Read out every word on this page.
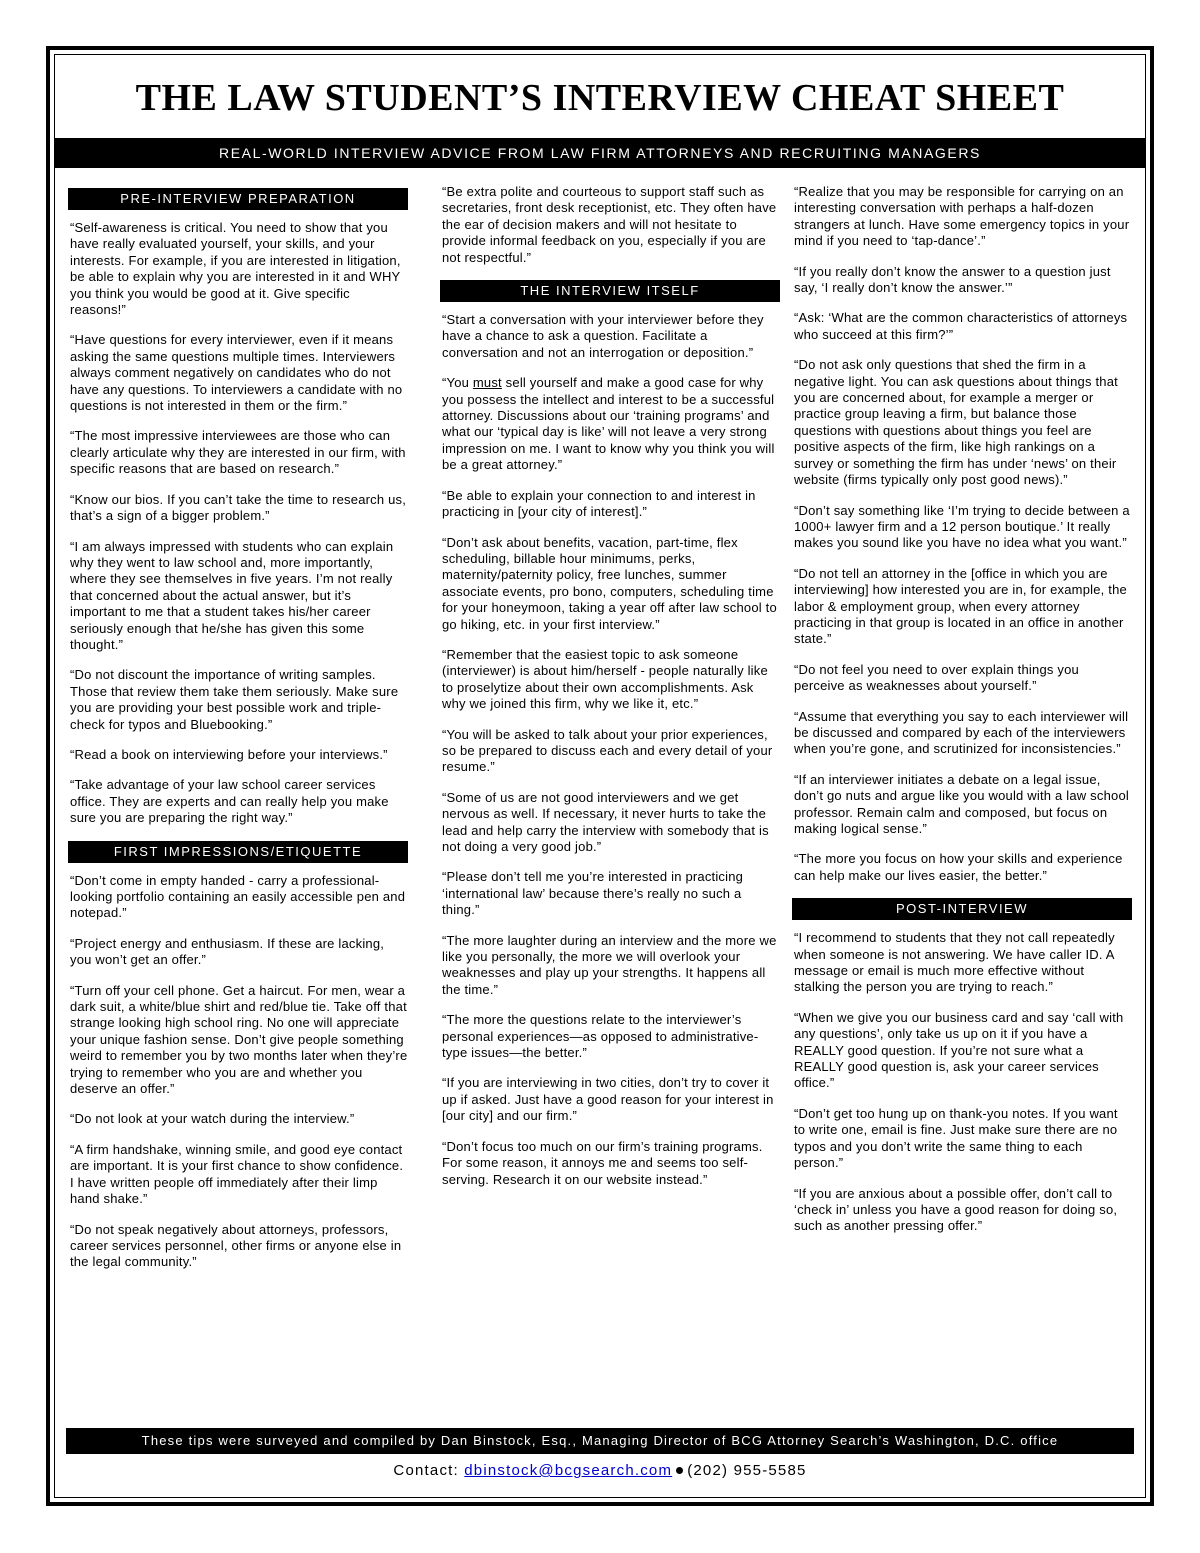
THE LAW STUDENT’S INTERVIEW CHEAT SHEET
REAL-WORLD INTERVIEW ADVICE FROM LAW FIRM ATTORNEYS AND RECRUITING MANAGERS
PRE-INTERVIEW PREPARATION

“Self-awareness is critical. You need to show that you have really evaluated yourself, your skills, and your interests. For example, if you are interested in litigation, be able to explain why you are interested in it and WHY you think you would be good at it. Give specific reasons!”

“Have questions for every interviewer, even if it means asking the same questions multiple times. Interviewers always comment negatively on candidates who do not have any questions. To interviewers a candidate with no questions is not interested in them or the firm.”

“The most impressive interviewees are those who can clearly articulate why they are interested in our firm, with specific reasons that are based on research.”

“Know our bios. If you can’t take the time to research us, that’s a sign of a bigger problem.”

“I am always impressed with students who can explain why they went to law school and, more importantly, where they see themselves in five years. I’m not really that concerned about the actual answer, but it’s important to me that a student takes his/her career seriously enough that he/she has given this some thought.”

“Do not discount the importance of writing samples. Those that review them take them seriously. Make sure you are providing your best possible work and triple-check for typos and Bluebooking.”

“Read a book on interviewing before your interviews.”

“Take advantage of your law school career services office. They are experts and can really help you make sure you are preparing the right way.”

FIRST IMPRESSIONS/ETIQUETTE

“Don’t come in empty handed - carry a professional-looking portfolio containing an easily accessible pen and notepad.”

“Project energy and enthusiasm. If these are lacking, you won’t get an offer.”

“Turn off your cell phone. Get a haircut. For men, wear a dark suit, a white/blue shirt and red/blue tie. Take off that strange looking high school ring. No one will appreciate your unique fashion sense. Don’t give people something weird to remember you by two months later when they’re trying to remember who you are and whether you deserve an offer.”

“Do not look at your watch during the interview.”

“A firm handshake, winning smile, and good eye contact are important. It is your first chance to show confidence. I have written people off immediately after their limp hand shake.”

“Do not speak negatively about attorneys, professors, career services personnel, other firms or anyone else in the legal community.”

“Be extra polite and courteous to support staff such as secretaries, front desk receptionist, etc. They often have the ear of decision makers and will not hesitate to provide informal feedback on you, especially if you are not respectful.”

THE INTERVIEW ITSELF

“Start a conversation with your interviewer before they have a chance to ask a question. Facilitate a conversation and not an interrogation or deposition.”

“You must sell yourself and make a good case for why you possess the intellect and interest to be a successful attorney. Discussions about our ‘training programs’ and what our ‘typical day is like’ will not leave a very strong impression on me. I want to know why you think you will be a great attorney.”

“Be able to explain your connection to and interest in practicing in [your city of interest].”

“Don’t ask about benefits, vacation, part-time, flex scheduling, billable hour minimums, perks, maternity/paternity policy, free lunches, summer associate events, pro bono, computers, scheduling time for your honeymoon, taking a year off after law school to go hiking, etc. in your first interview.”

“Remember that the easiest topic to ask someone (interviewer) is about him/herself - people naturally like to proselytize about their own accomplishments. Ask why we joined this firm, why we like it, etc.”

“You will be asked to talk about your prior experiences, so be prepared to discuss each and every detail of your resume.”

“Some of us are not good interviewers and we get nervous as well. If necessary, it never hurts to take the lead and help carry the interview with somebody that is not doing a very good job.”

“Please don’t tell me you’re interested in practicing ‘international law’ because there’s really no such a thing.”

“The more laughter during an interview and the more we like you personally, the more we will overlook your weaknesses and play up your strengths. It happens all the time.”

“The more the questions relate to the interviewer’s personal experiences—as opposed to administrative-type issues—the better.”

“If you are interviewing in two cities, don’t try to cover it up if asked. Just have a good reason for your interest in [our city] and our firm.”

“Don’t focus too much on our firm’s training programs. For some reason, it annoys me and seems too self-serving. Research it on our website instead.”

“Realize that you may be responsible for carrying on an interesting conversation with perhaps a half-dozen strangers at lunch. Have some emergency topics in your mind if you need to ‘tap-dance’.”

“If you really don’t know the answer to a question just say, ‘I really don’t know the answer.’”

“Ask: ‘What are the common characteristics of attorneys who succeed at this firm?’”

“Do not ask only questions that shed the firm in a negative light. You can ask questions about things that you are concerned about, for example a merger or practice group leaving a firm, but balance those questions with questions about things you feel are positive aspects of the firm, like high rankings on a survey or something the firm has under ‘news’ on their website (firms typically only post good news).”

“Don’t say something like ‘I’m trying to decide between a 1000+ lawyer firm and a 12 person boutique.’ It really makes you sound like you have no idea what you want.”

“Do not tell an attorney in the [office in which you are interviewing] how interested you are in, for example, the labor & employment group, when every attorney practicing in that group is located in an office in another state.”

“Do not feel you need to over explain things you perceive as weaknesses about yourself.”

“Assume that everything you say to each interviewer will be discussed and compared by each of the interviewers when you’re gone, and scrutinized for inconsistencies.”

“If an interviewer initiates a debate on a legal issue, don’t go nuts and argue like you would with a law school professor. Remain calm and composed, but focus on making logical sense.”

“The more you focus on how your skills and experience can help make our lives easier, the better.”

POST-INTERVIEW

“I recommend to students that they not call repeatedly when someone is not answering. We have caller ID. A message or email is much more effective without stalking the person you are trying to reach.”

“When we give you our business card and say ‘call with any questions’, only take us up on it if you have a REALLY good question. If you’re not sure what a REALLY good question is, ask your career services office.”

“Don’t get too hung up on thank-you notes. If you want to write one, email is fine. Just make sure there are no typos and you don’t write the same thing to each person.”

“If you are anxious about a possible offer, don’t call to ‘check in’ unless you have a good reason for doing so, such as another pressing offer.”

These tips were surveyed and compiled by Dan Binstock, Esq., Managing Director of BCG Attorney Search’s Washington, D.C. office
Contact: dbinstock@bcgsearch.com (202) 955-5585
